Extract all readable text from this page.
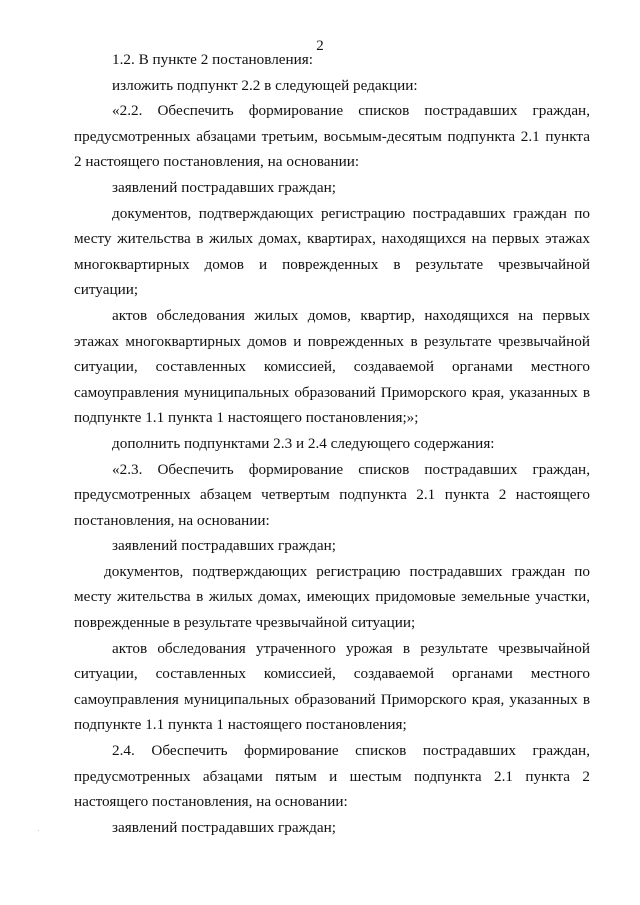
2

1.2. В пункте 2 постановления:

изложить подпункт 2.2 в следующей редакции:

«2.2. Обеспечить формирование списков пострадавших граждан, предусмотренных абзацами третьим, восьмым-десятым подпункта 2.1 пункта 2 настоящего постановления, на основании:

заявлений пострадавших граждан;

документов, подтверждающих регистрацию пострадавших граждан по месту жительства в жилых домах, квартирах, находящихся на первых этажах многоквартирных домов и поврежденных в результате чрезвычайной ситуации;

актов обследования жилых домов, квартир, находящихся на первых этажах многоквартирных домов и поврежденных в результате чрезвычайной ситуации, составленных комиссией, создаваемой органами местного самоуправления муниципальных образований Приморского края, указанных в подпункте 1.1 пункта 1 настоящего постановления;»;

дополнить подпунктами 2.3 и 2.4 следующего содержания:

«2.3. Обеспечить формирование списков пострадавших граждан, предусмотренных абзацем четвертым подпункта 2.1 пункта 2 настоящего постановления, на основании:

заявлений пострадавших граждан;

документов, подтверждающих регистрацию пострадавших граждан по месту жительства в жилых домах, имеющих придомовые земельные участки, поврежденные в результате чрезвычайной ситуации;

актов обследования утраченного урожая в результате чрезвычайной ситуации, составленных комиссией, создаваемой органами местного самоуправления муниципальных образований Приморского края, указанных в подпункте 1.1 пункта 1 настоящего постановления;

2.4. Обеспечить формирование списков пострадавших граждан, предусмотренных абзацами пятым и шестым подпункта 2.1 пункта 2 настоящего постановления, на основании:

заявлений пострадавших граждан;
